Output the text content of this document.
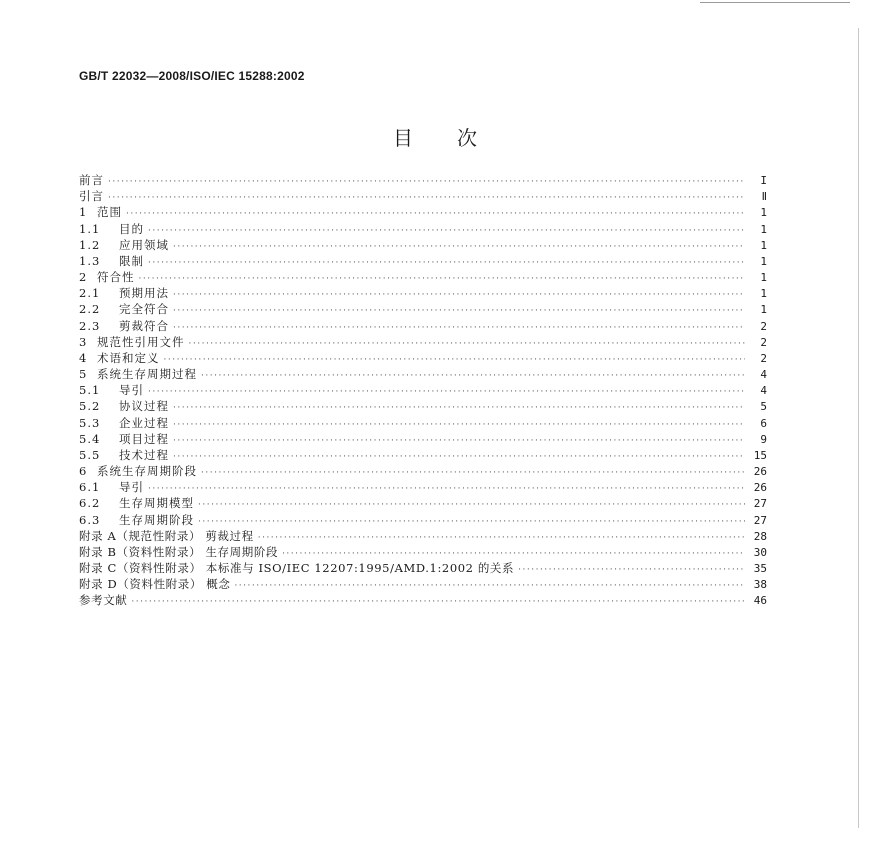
GB/T 22032—2008/ISO/IEC 15288:2002
目次
前言 ·····	I
引言 ·····	Ⅱ
1 范围 ·····	1
1.1	目的 ·····	1
1.2	应用领域 ·····	1
1.3	限制 ·····	1
2 符合性 ·····	1
2.1	预期用法 ·····	1
2.2	完全符合 ·····	1
2.3	剪裁符合 ·····	2
3 规范性引用文件 ·····	2
4 术语和定义 ·····	2
5 系统生存周期过程 ·····	4
5.1	导引 ·····	4
5.2	协议过程 ·····	5
5.3	企业过程 ·····	6
5.4	项目过程 ·····	9
5.5	技术过程 ·····	15
6 系统生存周期阶段 ·····	26
6.1	导引 ·····	26
6.2	生存周期模型 ·····	27
6.3	生存周期阶段 ·····	27
附录 A（规范性附录） 剪裁过程 ·····	28
附录 B（资料性附录） 生存周期阶段 ·····	30
附录 C（资料性附录） 本标准与 ISO/IEC 12207:1995/AMD.1:2002 的关系 ·····	35
附录 D（资料性附录） 概念 ·····	38
参考文献 ·····	46
